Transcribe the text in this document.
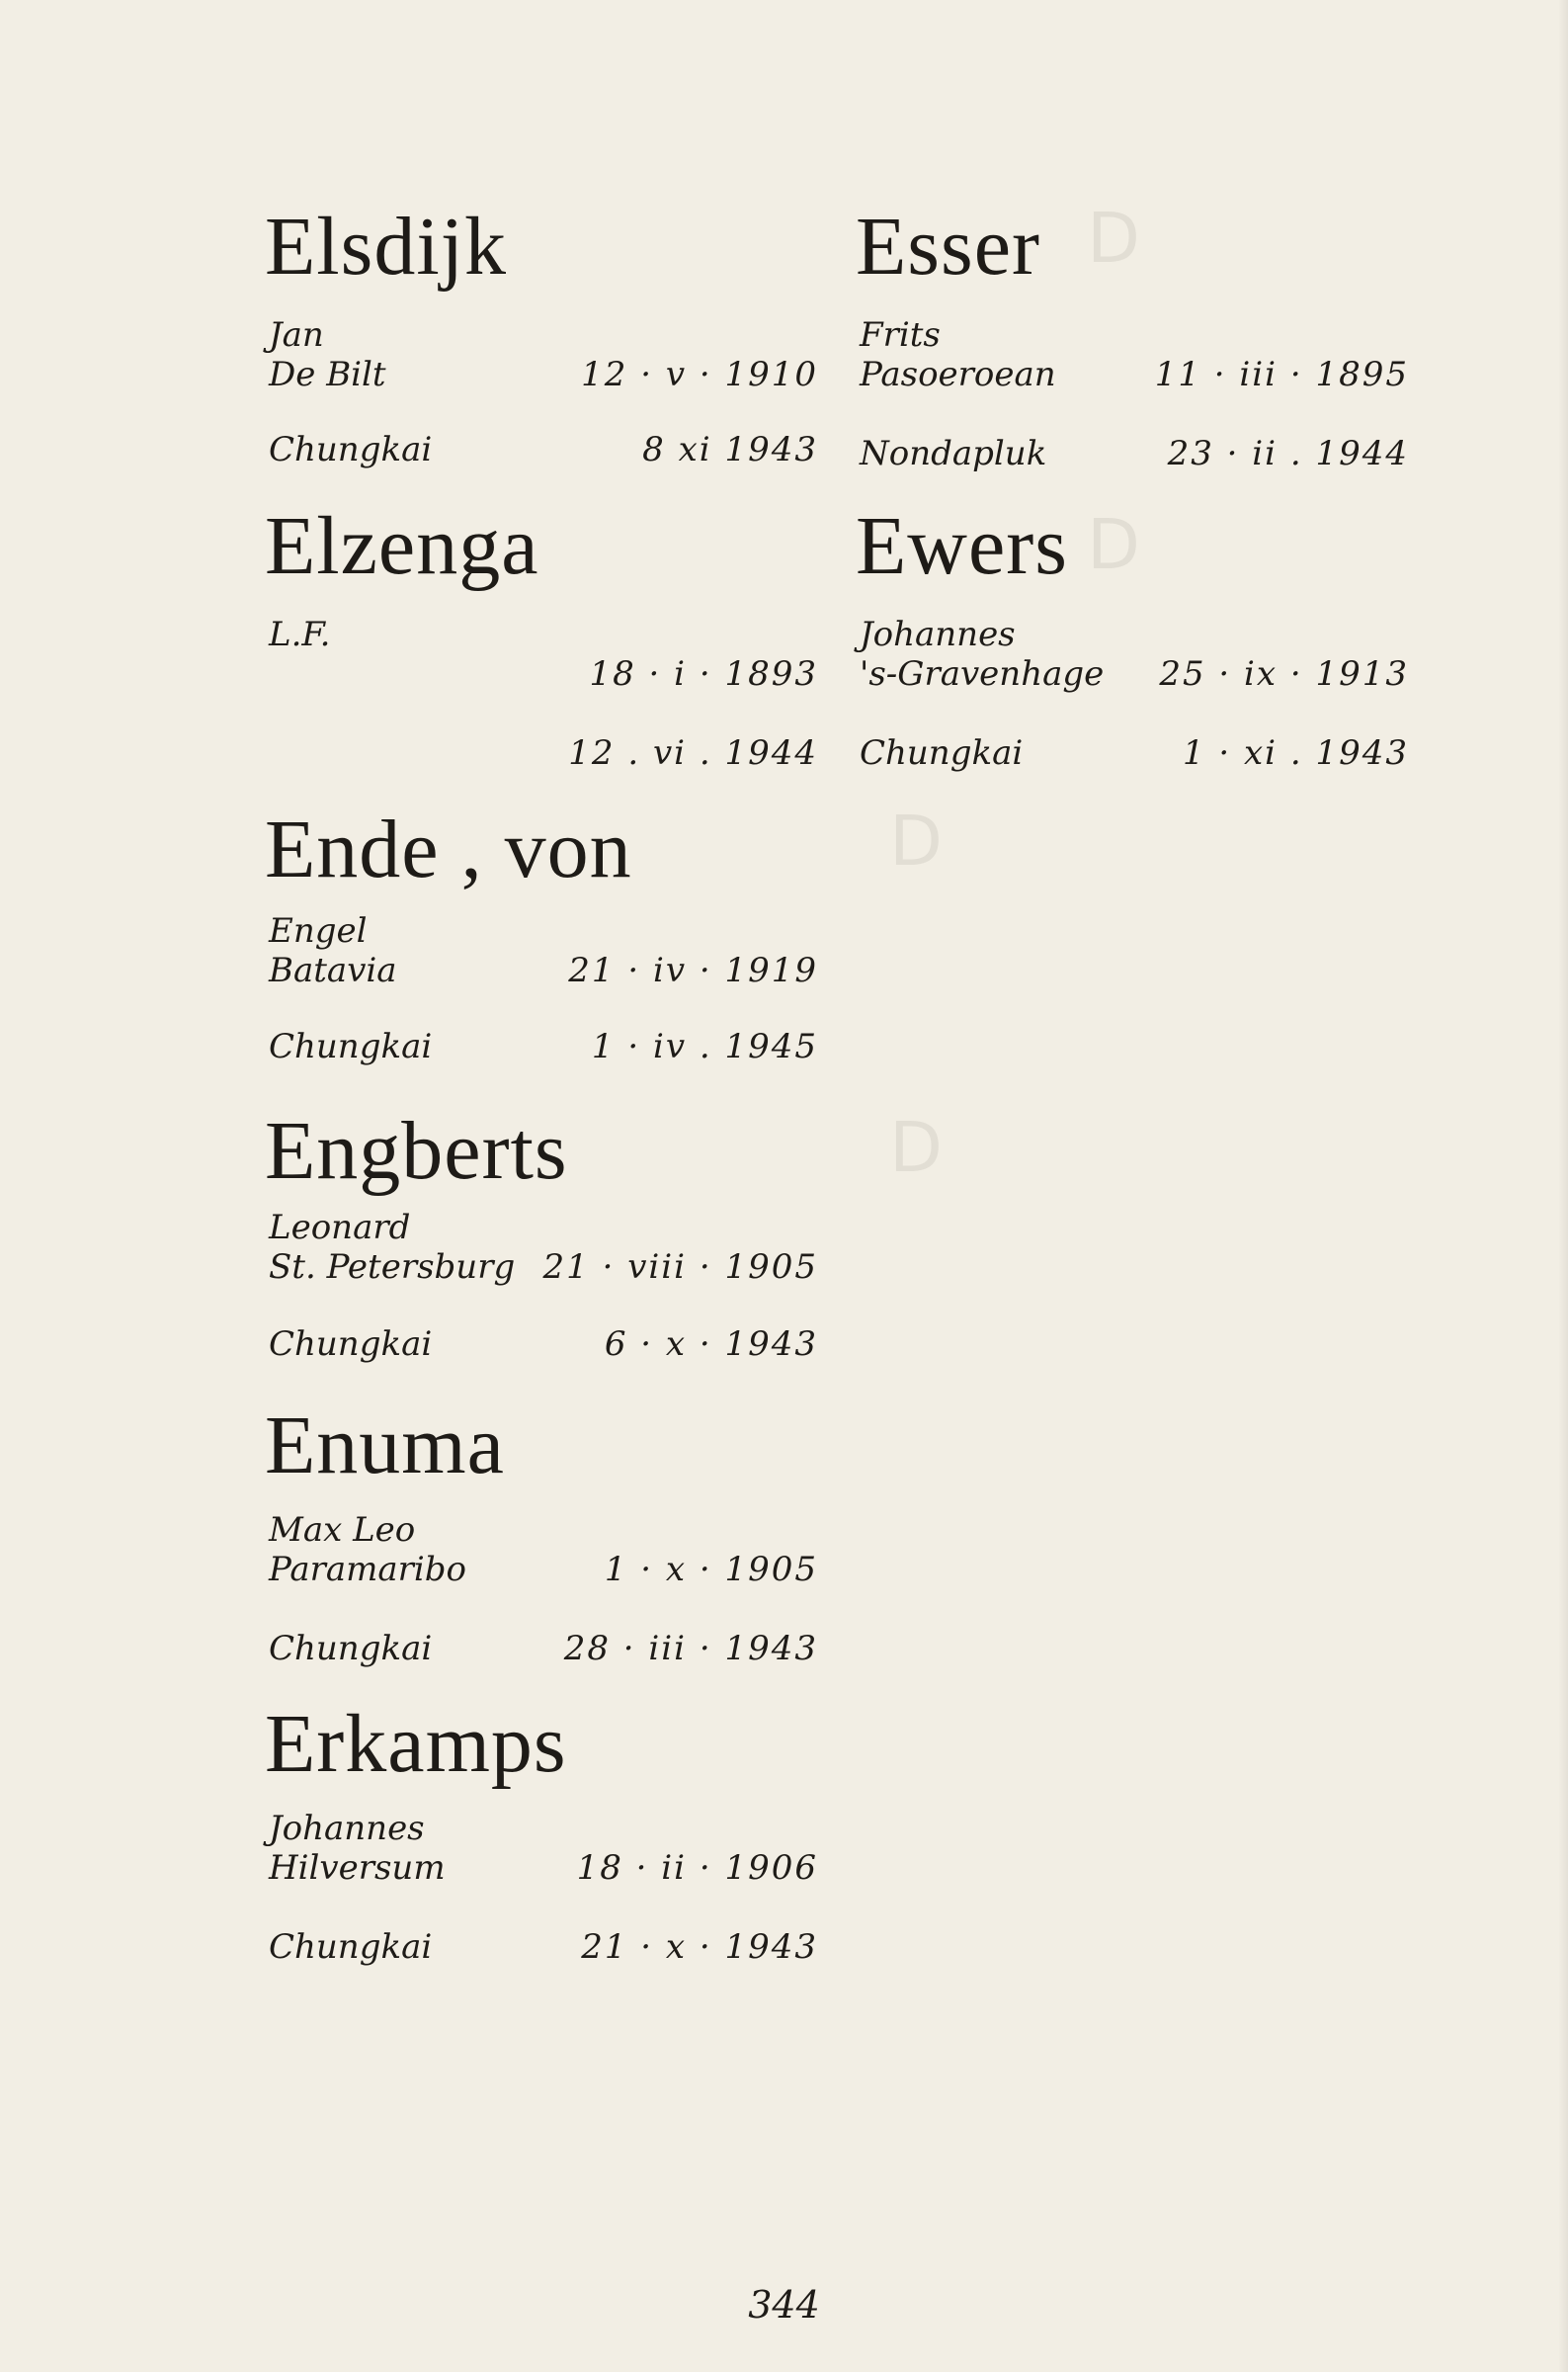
ᗡ
ᗡ
ᗡ
ᗡ
Elsdijk
Jan
De Bilt	12 · v · 1910
Chungkai	8 xi 1943
Elzenga
L.F.
18 · i · 1893
12 . vi . 1944
Ende , von
Engel
Batavia	21 · iv · 1919
Chungkai	1 · iv . 1945
Engberts
Leonard
St. Petersburg 21 · viii · 1905
Chungkai	6 · x · 1943
Enuma
Max Leo
Paramaribo	1 · x · 1905
Chungkai	28 · iii · 1943
Erkamps
Johannes
Hilversum	18 · ii · 1906
Chungkai	21 · x · 1943
Esser
Frits
Pasoeroean	11 · iii · 1895
Nondapluk	23 · ii . 1944
Ewers
Johannes
's-Gravenhage 25 · ix · 1913
Chungkai	1 · xi . 1943
344
